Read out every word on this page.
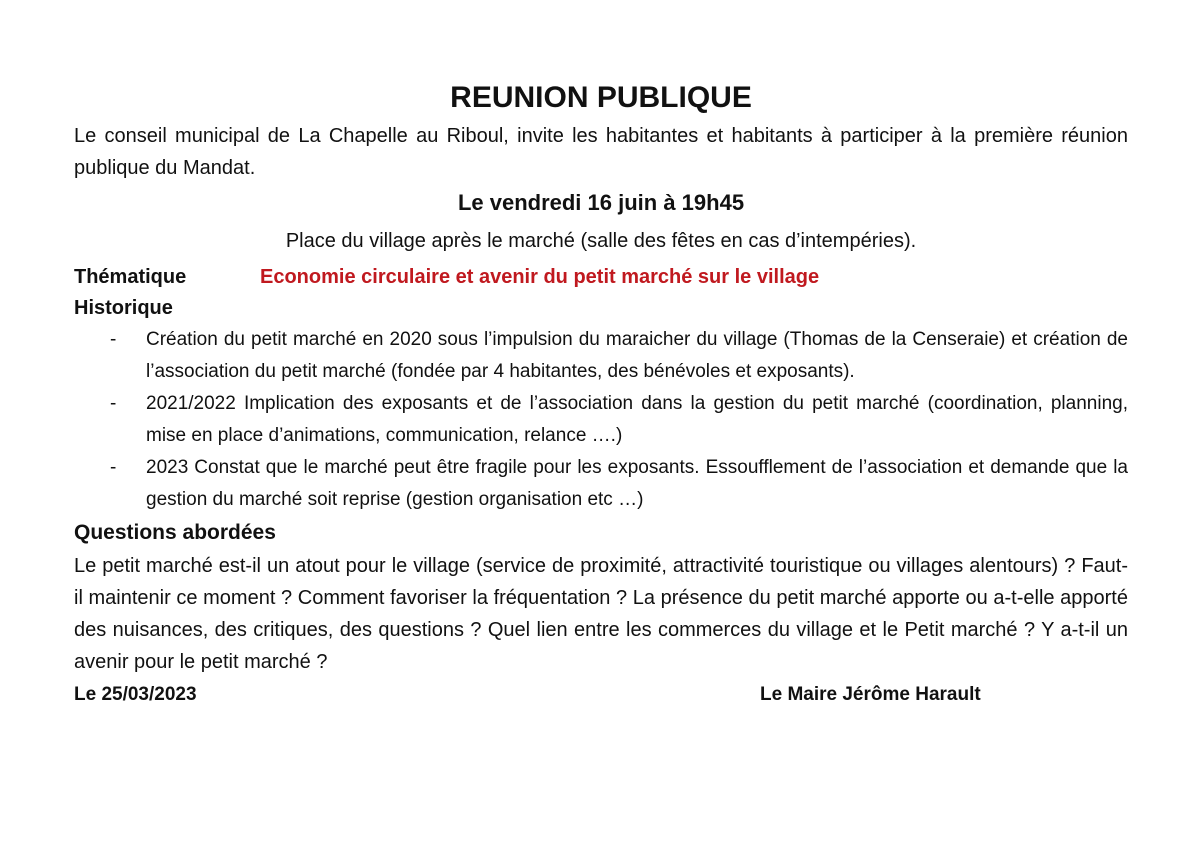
REUNION PUBLIQUE

Le conseil municipal de La Chapelle au Riboul, invite les habitantes et habitants à participer à la première réunion publique du Mandat.

Le vendredi 16 juin à 19h45

Place du village après le marché (salle des fêtes en cas d’intempéries).

Thématique	Economie circulaire et avenir du petit marché sur le village
Historique
-	Création du petit marché en 2020 sous l’impulsion du maraicher du village (Thomas de la Censeraie) et création de l’association du petit marché (fondée par 4 habitantes, des bénévoles et exposants).
-	2021/2022 Implication des exposants et de l’association dans la gestion du petit marché (coordination, planning, mise en place d’animations, communication, relance ….)
-	2023 Constat que le marché peut être fragile pour les exposants. Essoufflement de l’association et demande que la gestion du marché soit reprise (gestion organisation etc …)
Questions abordées

Le petit marché est-il un atout pour le village (service de proximité, attractivité touristique ou villages alentours) ? Faut-il maintenir ce moment ? Comment favoriser la fréquentation ? La présence du petit marché apporte ou a-t-elle apporté des nuisances, des critiques, des questions ? Quel lien entre les commerces du village et le Petit marché ? Y a-t-il un avenir pour le petit marché ?

Le 25/03/2023	Le Maire Jérôme Harault
